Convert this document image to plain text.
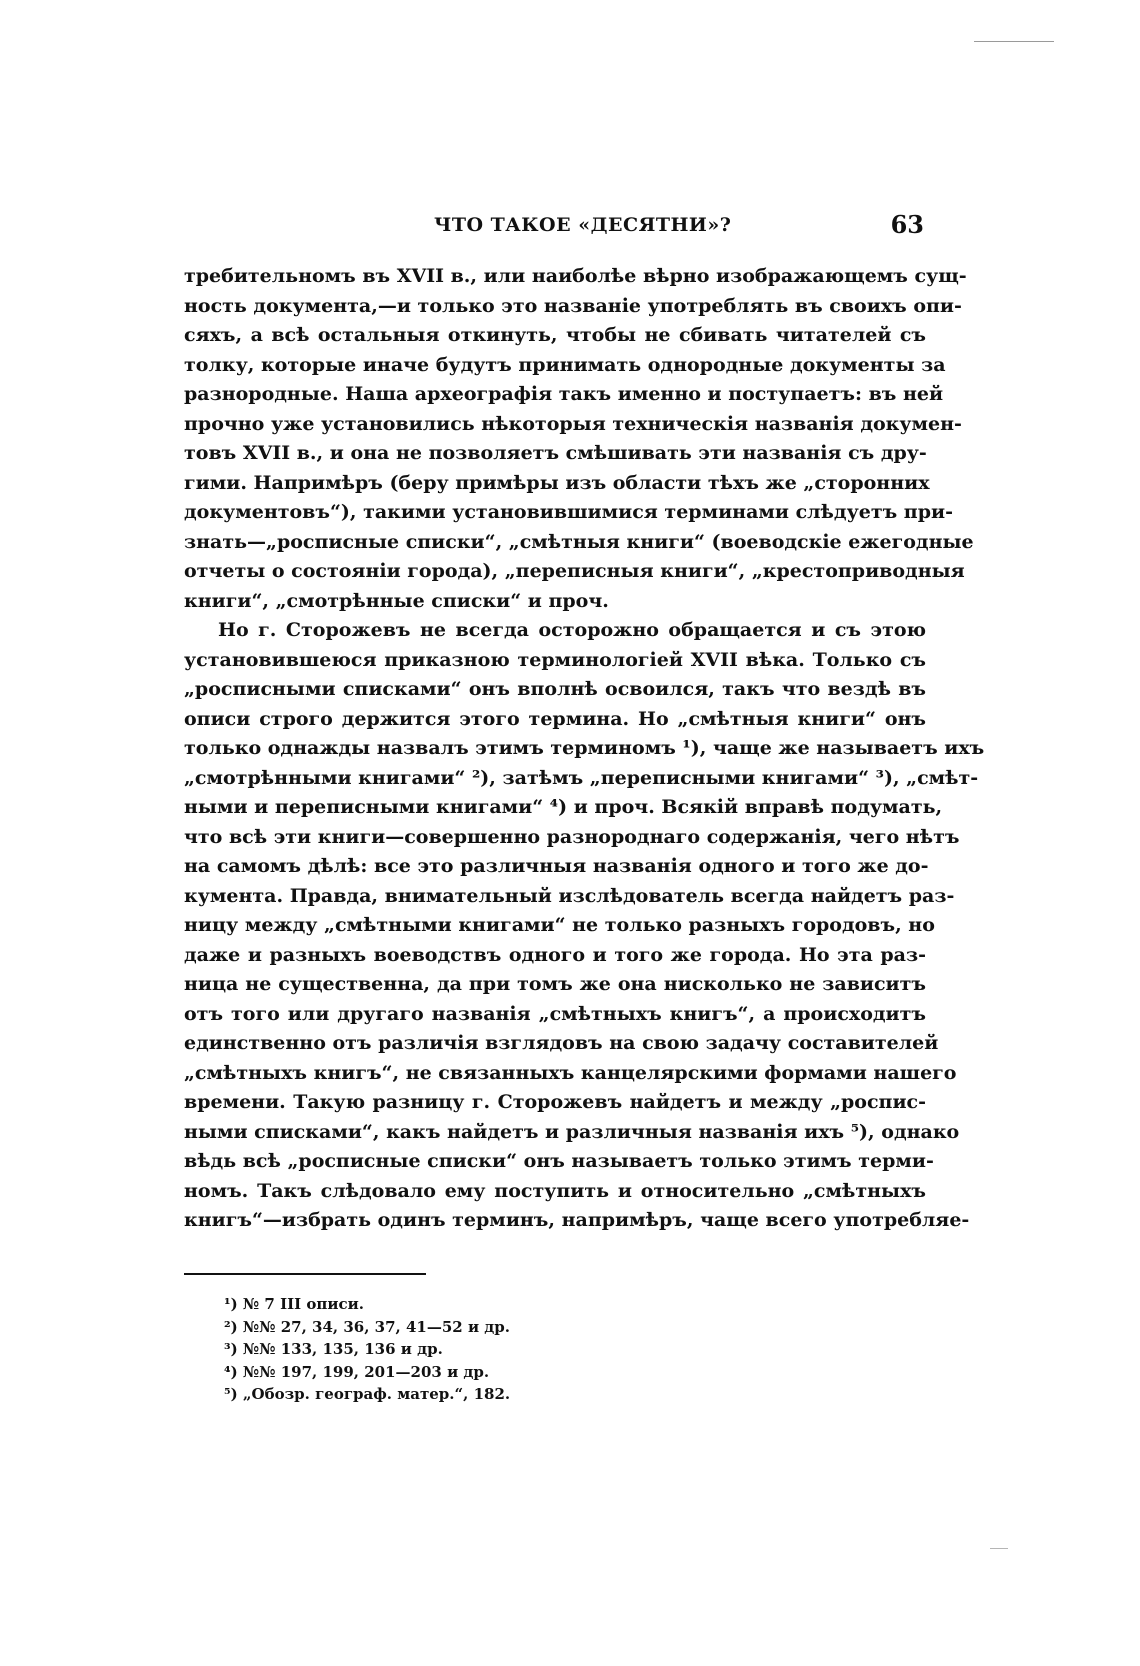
ЧТО ТАКОЕ «ДЕСЯТНИ»?	63
требительномъ въ XVII в., или наиболѣе вѣрно изображающемъ сущ-
ность документа,—и только это названіе употреблять въ своихъ опи-
сяхъ, а всѣ остальныя откинуть, чтобы не сбивать читателей съ
толку, которые иначе будутъ принимать однородные документы за
разнородные. Наша археографія такъ именно и поступаетъ: въ ней
прочно уже установились нѣкоторыя техническія названія докумен-
товъ XVII в., и она не позволяетъ смѣшивать эти названія съ дру-
гими. Напримѣръ (беру примѣры изъ области тѣхъ же „сторонних
документовъ“), такими установившимися терминами слѣдуетъ при-
знать—„росписные списки“, „смѣтныя книги“ (воеводскіе ежегодные
отчеты о состояніи города), „переписныя книги“, „крестоприводныя
книги“, „смотрѣнные списки“ и проч.
Но г. Сторожевъ не всегда осторожно обращается и съ этою
установившеюся приказною терминологіей XVII вѣка. Только съ
„росписными списками“ онъ вполнѣ освоился, такъ что вездѣ въ
описи строго держится этого термина. Но „смѣтныя книги“ онъ
только однажды назвалъ этимъ терминомъ ¹), чаще же называетъ ихъ
„смотрѣнными книгами“ ²), затѣмъ „переписными книгами“ ³), „смѣт-
ными и переписными книгами“ ⁴) и проч. Всякій вправѣ подумать,
что всѣ эти книги—совершенно разнороднаго содержанія, чего нѣтъ
на самомъ дѣлѣ: все это различныя названія одного и того же до-
кумента. Правда, внимательный изслѣдователь всегда найдетъ раз-
ницу между „смѣтными книгами“ не только разныхъ городовъ, но
даже и разныхъ воеводствъ одного и того же города. Но эта раз-
ница не существенна, да при томъ же она нисколько не зависитъ
отъ того или другаго названія „смѣтныхъ книгъ“, а происходитъ
единственно отъ различія взглядовъ на свою задачу составителей
„смѣтныхъ книгъ“, не связанныхъ канцелярскими формами нашего
времени. Такую разницу г. Сторожевъ найдетъ и между „роспис-
ными списками“, какъ найдетъ и различныя названія ихъ ⁵), однако
вѣдь всѣ „росписные списки“ онъ называетъ только этимъ терми-
номъ. Такъ слѣдовало ему поступить и относительно „смѣтныхъ
книгъ“—избрать одинъ терминъ, напримѣръ, чаще всего употребляе-
¹) № 7 III описи.
²) №№ 27, 34, 36, 37, 41—52 и др.
³) №№ 133, 135, 136 и др.
⁴) №№ 197, 199, 201—203 и др.
⁵) „Обозр. географ. матер.“, 182.
